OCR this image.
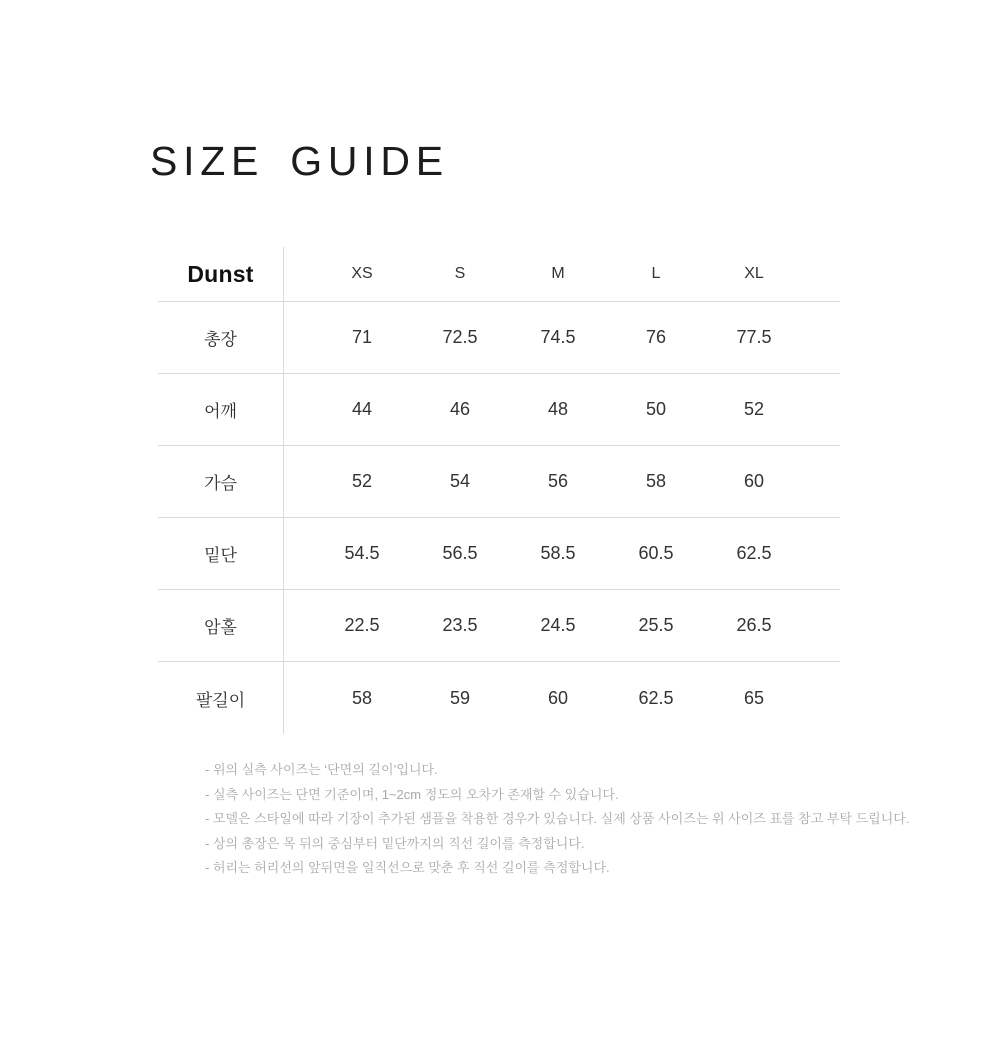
SIZE GUIDE
Dunst	XS	S	M	L	XL
총장	71	72.5	74.5	76	77.5
어깨	44	46	48	50	52
가슴	52	54	56	58	60
밑단	54.5	56.5	58.5	60.5	62.5
암홀	22.5	23.5	24.5	25.5	26.5
팔길이	58	59	60	62.5	65
- 위의 실측 사이즈는 ‘단면의 길이’입니다.
- 실측 사이즈는 단면 기준이며, 1~2cm 정도의 오차가 존재할 수 있습니다.
- 모델은 스타일에 따라 기장이 추가된 샘플을 착용한 경우가 있습니다. 실제 상품 사이즈는 위 사이즈 표를 참고 부탁 드립니다.
- 상의 총장은 목 뒤의 중심부터 밑단까지의 직선 길이를 측정합니다.
- 허리는 허리선의 앞뒤면을 일직선으로 맞춘 후 직선 길이를 측정합니다.
